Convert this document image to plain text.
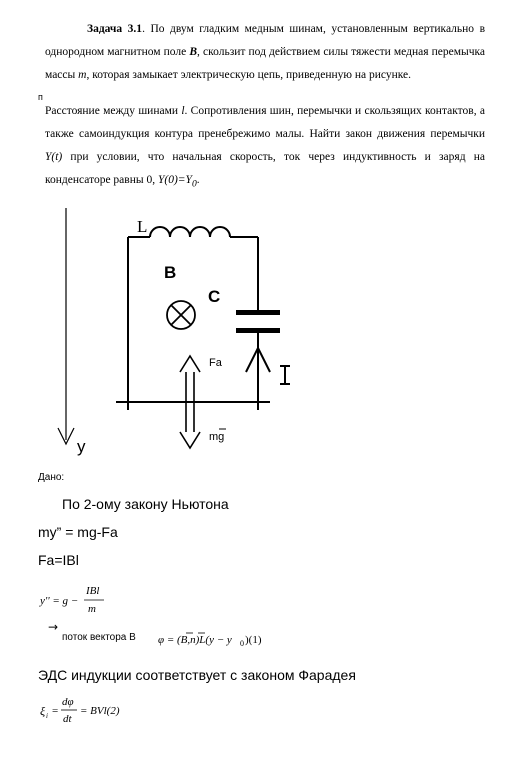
Задача 3.1. По двум гладким медным шинам, установленным вертикально в однородном магнитном поле B, скользит под действием силы тяжести медная перемычка массы m, которая замыкает электрическую цепь, приведенную на рисунке.
п
Расстояние между шинами l. Сопротивления шин, перемычки и скользящих контактов, а также самоиндукция контура пренебрежимо малы. Найти закон движения перемычки Y(t) при условии, что начальная скорость, ток через индуктивность и заряд на конденсаторе равны 0, $Y(0)=Y_0$.
y
L
B
C
Fa
mg
y'' = g −
IBl
m
φ = (B,n)L(y − y 0 )(1)
ξ i =
dφ
dt
= BVl(2)
Дано:
По 2-ому закону Ньютона
my” = mg-Fa
Fa=IBl
→
поток вектора В
ЭДС индукции соответствует с законом Фарадея
